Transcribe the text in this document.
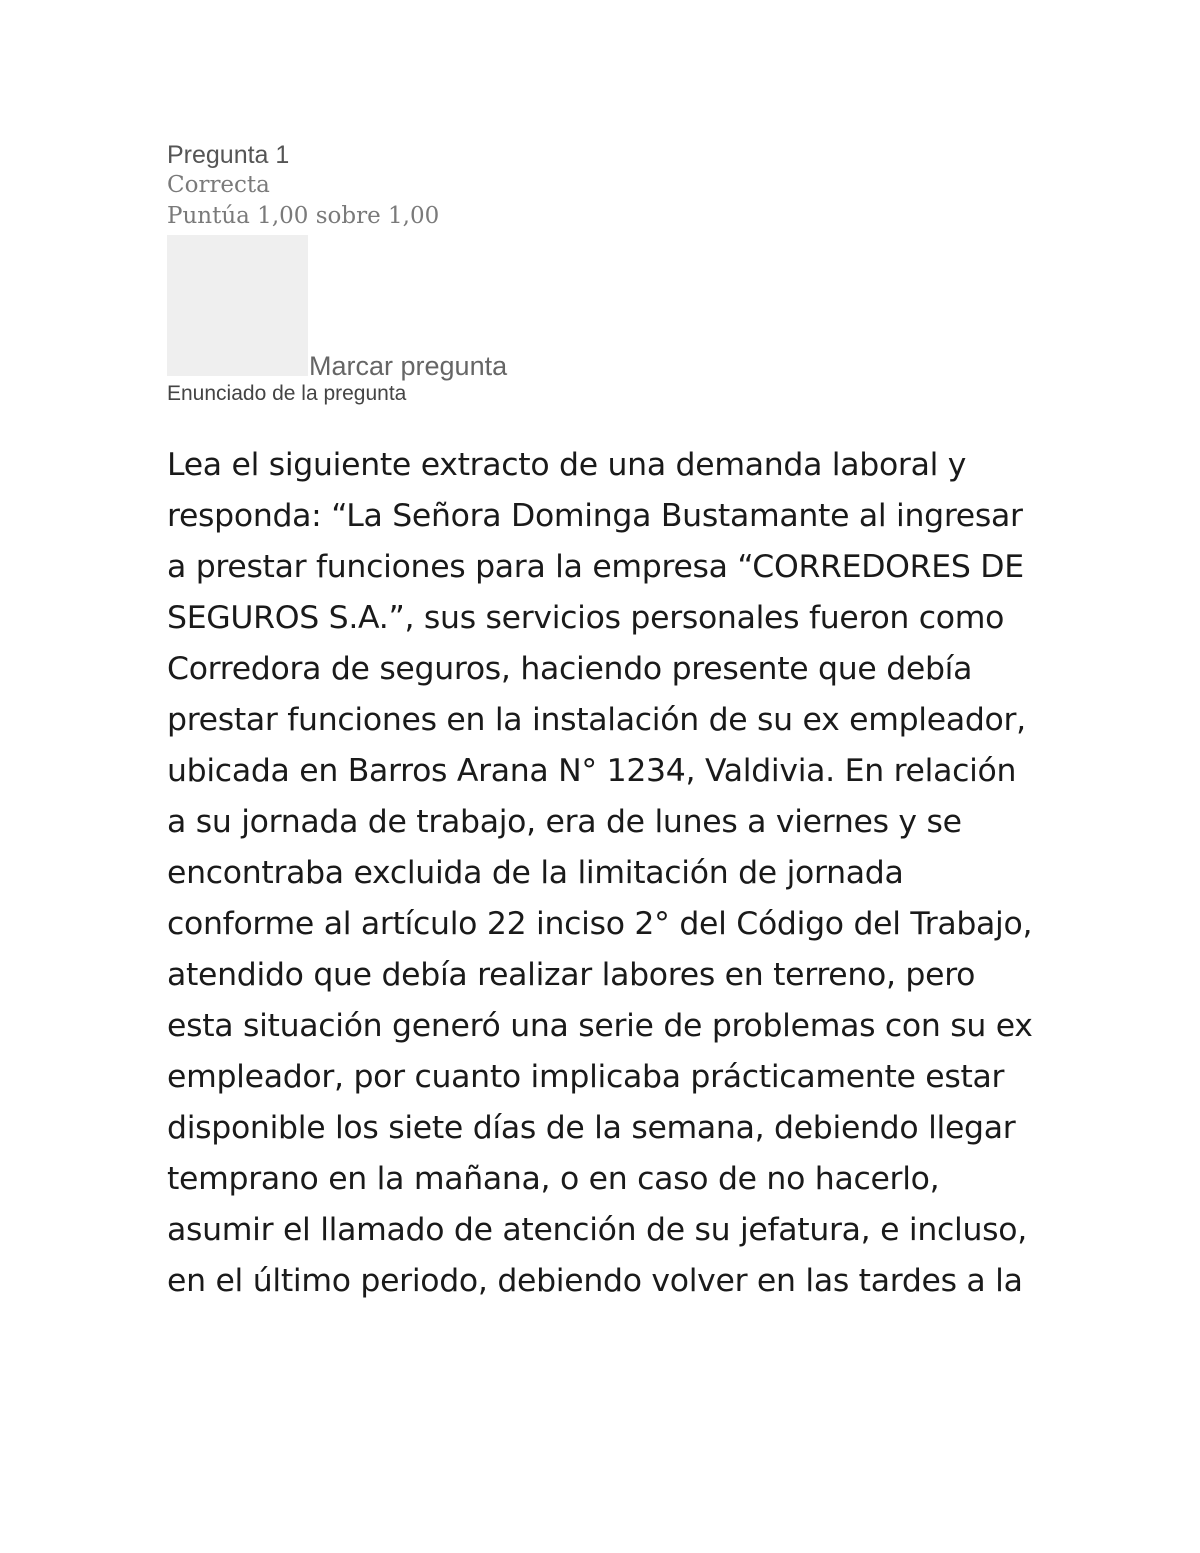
Pregunta 1

Correcta

Puntúa 1,00 sobre 1,00

Marcar pregunta
Enunciado de la pregunta
Lea el siguiente extracto de una demanda laboral y responda: “La Señora Dominga Bustamante al ingresar a prestar funciones para la empresa “CORREDORES DE SEGUROS S.A.”, sus servicios personales fueron como Corredora de seguros, haciendo presente que debía prestar funciones en la instalación de su ex empleador, ubicada en Barros Arana N° 1234, Valdivia. En relación a su jornada de trabajo, era de lunes a viernes y se encontraba excluida de la limitación de jornada conforme al artículo 22 inciso 2° del Código del Trabajo, atendido que debía realizar labores en terreno, pero esta situación generó una serie de problemas con su ex empleador, por cuanto implicaba prácticamente estar disponible los siete días de la semana, debiendo llegar temprano en la mañana, o en caso de no hacerlo, asumir el llamado de atención de su jefatura, e incluso, en el último periodo, debiendo volver en las tardes a la
